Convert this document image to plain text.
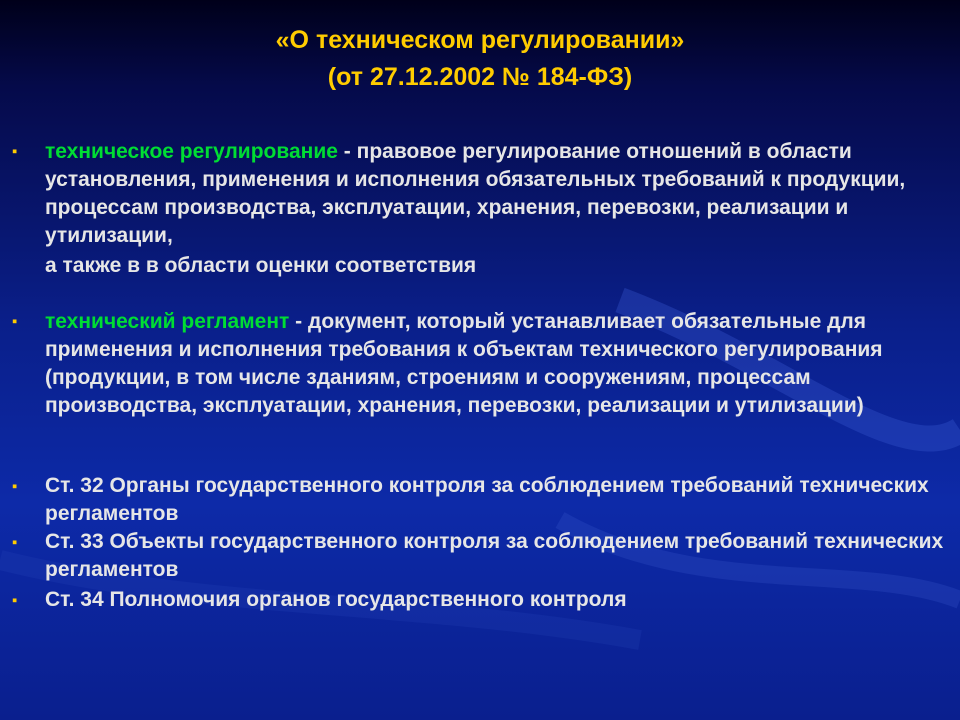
«О техническом регулировании»
(от 27.12.2002 № 184-ФЗ)
▪ техническое регулирование - правовое регулирование отношений в области установления, применения и исполнения обязательных требований к продукции, процессам производства, эксплуатации, хранения, перевозки, реализации и утилизации,
а также в в области оценки соответствия
▪ технический регламент - документ, который устанавливает обязательные для применения и исполнения требования к объектам технического регулирования (продукции, в том числе зданиям, строениям и сооружениям, процессам производства, эксплуатации, хранения, перевозки, реализации и утилизации)
▪ Ст. 32 Органы государственного контроля за соблюдением требований технических регламентов
▪ Ст. 33 Объекты государственного контроля за соблюдением требований технических регламентов
▪ Ст. 34 Полномочия органов государственного контроля
